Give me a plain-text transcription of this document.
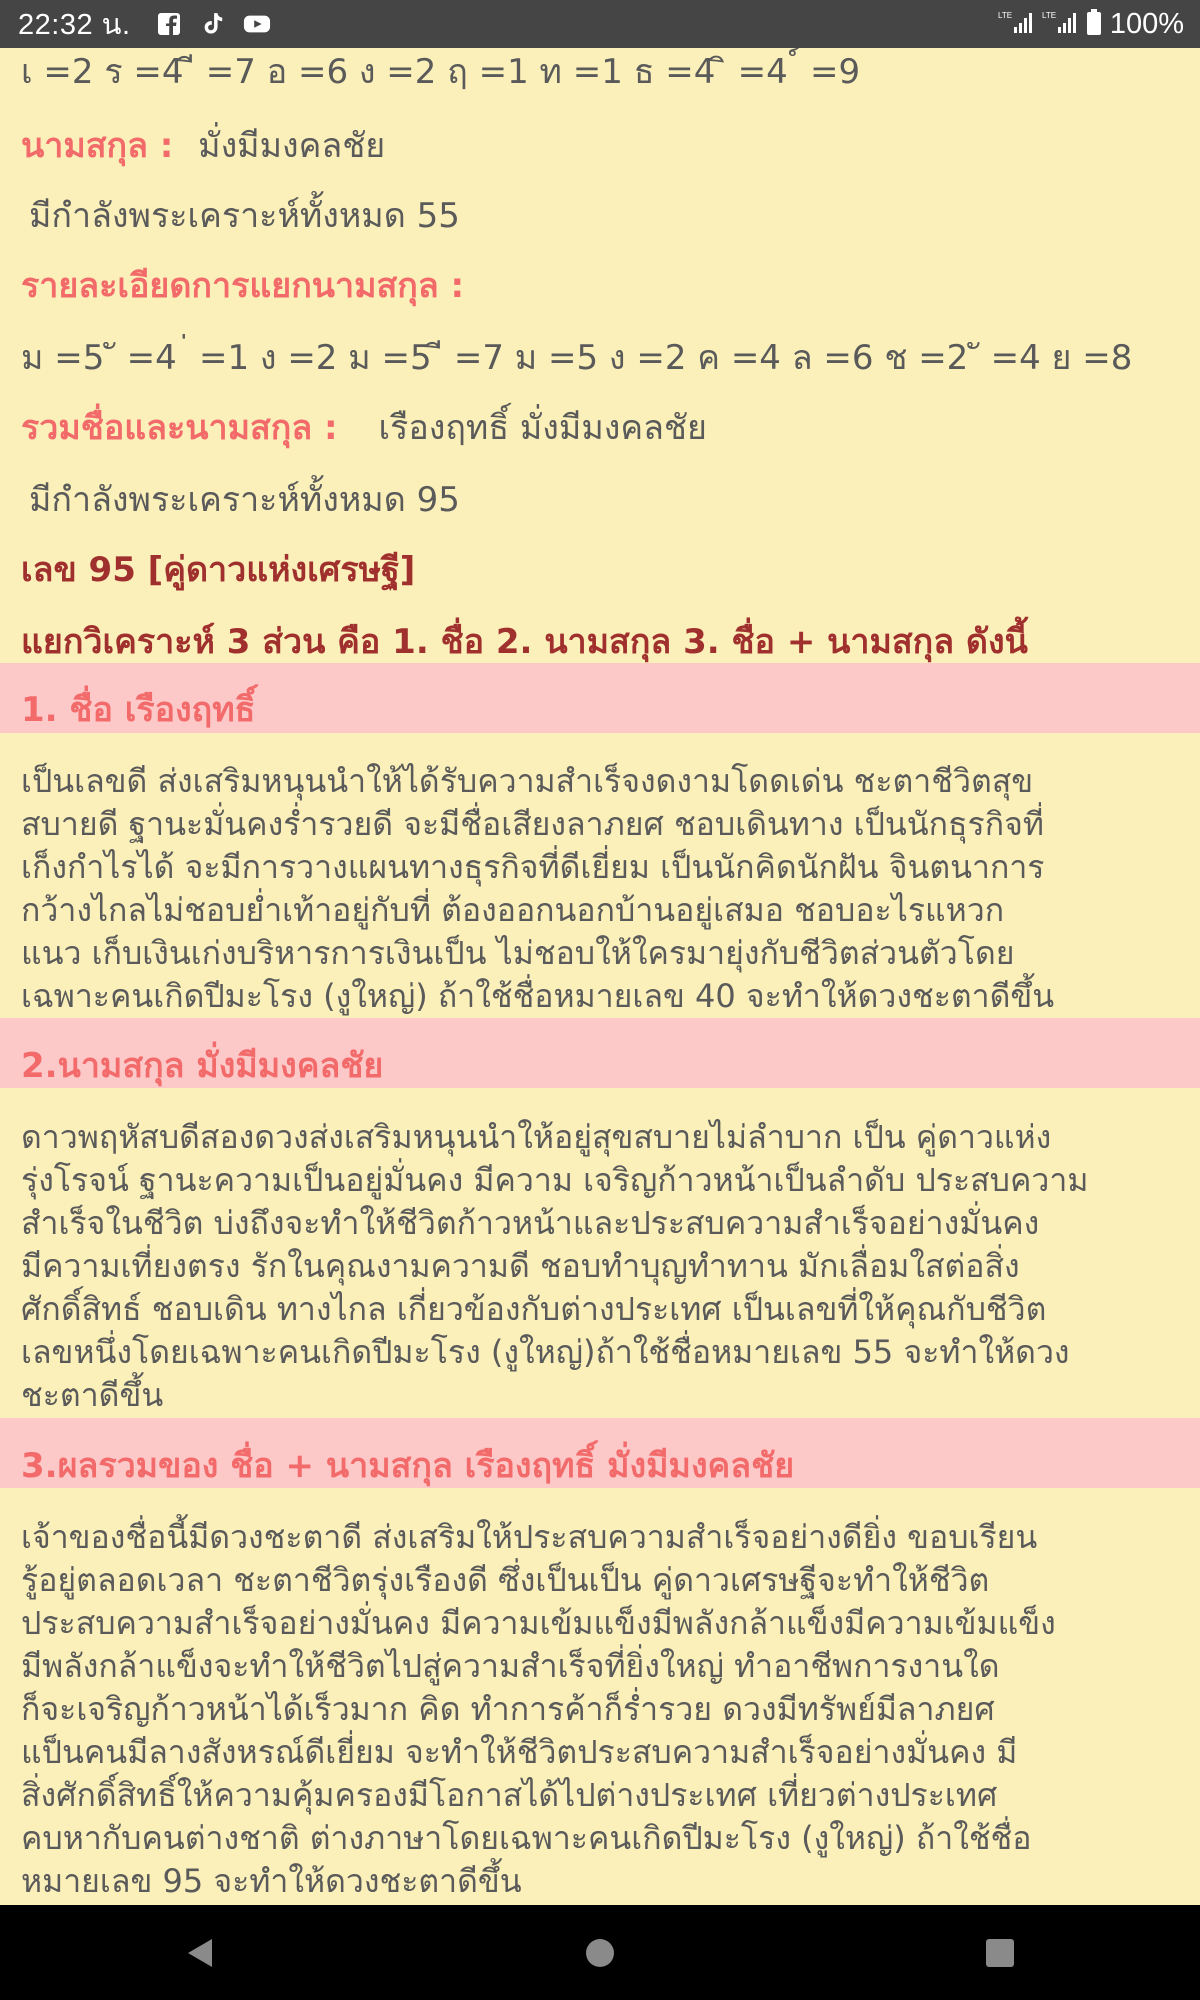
22:32 น.	LTE	LTE 100%
เ =2 ร =4 ี =7 อ =6 ง =2 ฤ =1 ท =1 ธ =4 ิ =4 ์ =9
นามสกุล : มั่งมีมงคลชัย
มีกำลังพระเคราะห์ทั้งหมด 55
รายละเอียดการแยกนามสกุล :
ม =5 ั =4 ่ =1 ง =2 ม =5 ี =7 ม =5 ง =2 ค =4 ล =6 ช =2 ั =4 ย =8
รวมชื่อและนามสกุล : เรืองฤทธิ์ มั่งมีมงคลชัย
มีกำลังพระเคราะห์ทั้งหมด 95
เลข 95 [คู่ดาวแห่งเศรษฐี]
แยกวิเคราะห์ 3 ส่วน คือ 1. ชื่อ 2. นามสกุล 3. ชื่อ + นามสกุล ดังนี้
1. ชื่อ เรืองฤทธิ์
เป็นเลขดี ส่งเสริมหนุนนำให้ได้รับความสำเร็จงดงามโดดเด่น ชะตาชีวิตสุข
สบายดี ฐานะมั่นคงร่ำรวยดี จะมีชื่อเสียงลาภยศ ชอบเดินทาง เป็นนักธุรกิจที่
เก็งกำไรได้ จะมีการวางแผนทางธุรกิจที่ดีเยี่ยม เป็นนักคิดนักฝัน จินตนาการ
กว้างไกลไม่ชอบย่ำเท้าอยู่กับที่ ต้องออกนอกบ้านอยู่เสมอ ชอบอะไรแหวก
แนว เก็บเงินเก่งบริหารการเงินเป็น ไม่ชอบให้ใครมายุ่งกับชีวิตส่วนตัวโดย
เฉพาะคนเกิดปีมะโรง (งูใหญ่) ถ้าใช้ชื่อหมายเลข 40 จะทำให้ดวงชะตาดีขึ้น
2.นามสกุล มั่งมีมงคลชัย
ดาวพฤหัสบดีสองดวงส่งเสริมหนุนนำให้อยู่สุขสบายไม่ลำบาก เป็น คู่ดาวแห่ง
รุ่งโรจน์ ฐานะความเป็นอยู่มั่นคง มีความ เจริญก้าวหน้าเป็นลำดับ ประสบความ
สำเร็จในชีวิต บ่งถึงจะทำให้ชีวิตก้าวหน้าและประสบความสำเร็จอย่างมั่นคง
มีความเที่ยงตรง รักในคุณงามความดี ชอบทำบุญทำทาน มักเลื่อมใสต่อสิ่ง
ศักดิ์สิทธ์ ชอบเดิน ทางไกล เกี่ยวข้องกับต่างประเทศ เป็นเลขที่ให้คุณกับชีวิต
เลขหนึ่งโดยเฉพาะคนเกิดปีมะโรง (งูใหญ่)ถ้าใช้ชื่อหมายเลข 55 จะทำให้ดวง
ชะตาดีขึ้น
3.ผลรวมของ ชื่อ + นามสกุล เรืองฤทธิ์ มั่งมีมงคลชัย
เจ้าของชื่อนี้มีดวงชะตาดี ส่งเสริมให้ประสบความสำเร็จอย่างดียิ่ง ขอบเรียน
รู้อยู่ตลอดเวลา ชะตาชีวิตรุ่งเรืองดี ซึ่งเป็นเป็น คู่ดาวเศรษฐีจะทำให้ชีวิต
ประสบความสำเร็จอย่างมั่นคง มีความเข้มแข็งมีพลังกล้าแข็งมีความเข้มแข็ง
มีพลังกล้าแข็งจะทำให้ชีวิตไปสู่ความสำเร็จที่ยิ่งใหญ่ ทำอาชีพการงานใด
ก็จะเจริญก้าวหน้าได้เร็วมาก คิด ทำการค้าก็ร่ำรวย ดวงมีทรัพย์มีลาภยศ
แป็นคนมีลางสังหรณ์ดีเยี่ยม จะทำให้ชีวิตประสบความสำเร็จอย่างมั่นคง มี
สิ่งศักดิ์สิทธิ์ให้ความคุ้มครองมีโอกาสได้ไปต่างประเทศ เที่ยวต่างประเทศ
คบหากับคนต่างชาติ ต่างภาษาโดยเฉพาะคนเกิดปีมะโรง (งูใหญ่) ถ้าใช้ชื่อ
หมายเลข 95 จะทำให้ดวงชะตาดีขึ้น
